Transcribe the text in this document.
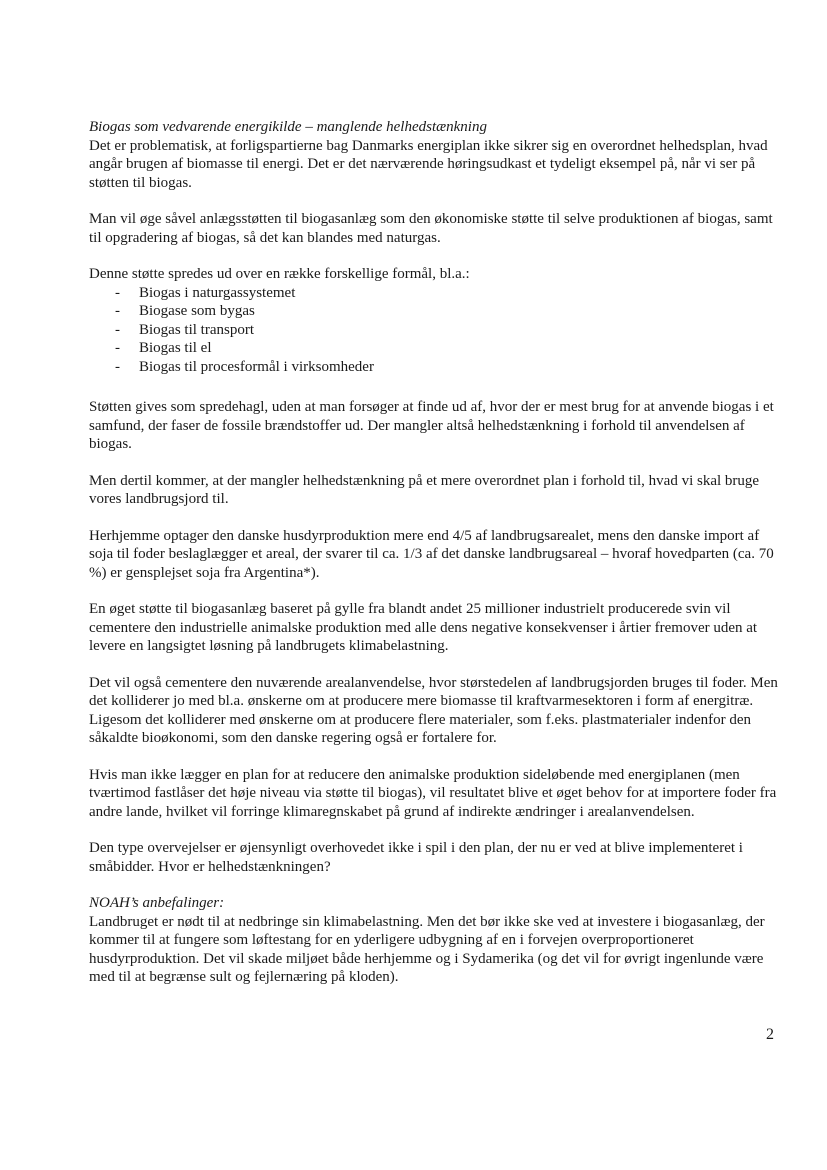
Biogas som vedvarende energikilde – manglende helhedstænkning

Det er problematisk, at forligspartierne bag Danmarks energiplan ikke sikrer sig en overordnet helhedsplan, hvad angår brugen af biomasse til energi. Det er det nærværende høringsudkast et tydeligt eksempel på, når vi ser på støtten til biogas.

Man vil øge såvel anlægsstøtten til biogasanlæg som den økonomiske støtte til selve produktionen af biogas, samt til opgradering af biogas, så det kan blandes med naturgas.

Denne støtte spredes ud over en række forskellige formål, bl.a.:

- Biogas i naturgassystemet
- Biogase som bygas
- Biogas til transport
- Biogas til el
- Biogas til procesformål i virksomheder

Støtten gives som spredehagl, uden at man forsøger at finde ud af, hvor der er mest brug for at anvende biogas i et samfund, der faser de fossile brændstoffer ud. Der mangler altså helhedstænkning i forhold til anvendelsen af biogas.

Men dertil kommer, at der mangler helhedstænkning på et mere overordnet plan i forhold til, hvad vi skal bruge vores landbrugsjord til.

Herhjemme optager den danske husdyrproduktion mere end 4/5 af landbrugsarealet, mens den danske import af soja til foder beslaglægger et areal, der svarer til ca. 1/3 af det danske landbrugsareal – hvoraf hovedparten (ca. 70 %) er gensplejset soja fra Argentina*).

En øget støtte til biogasanlæg baseret på gylle fra blandt andet 25 millioner industrielt producerede svin vil cementere den industrielle animalske produktion med alle dens negative konsekvenser i årtier fremover uden at levere en langsigtet løsning på landbrugets klimabelastning.

Det vil også cementere den nuværende arealanvendelse, hvor størstedelen af landbrugsjorden bruges til foder. Men det kolliderer jo med bl.a. ønskerne om at producere mere biomasse til kraftvarmesektoren i form af energitræ. Ligesom det kolliderer med ønskerne om at producere flere materialer, som f.eks. plastmaterialer indenfor den såkaldte bioøkonomi, som den danske regering også er fortalere for.

Hvis man ikke lægger en plan for at reducere den animalske produktion sideløbende med energiplanen (men tværtimod fastlåser det høje niveau via støtte til biogas), vil resultatet blive et øget behov for at importere foder fra andre lande, hvilket vil forringe klimaregnskabet på grund af indirekte ændringer i arealanvendelsen.

Den type overvejelser er øjensynligt overhovedet ikke i spil i den plan, der nu er ved at blive implementeret i småbidder. Hvor er helhedstænkningen?

NOAH’s anbefalinger:

Landbruget er nødt til at nedbringe sin klimabelastning. Men det bør ikke ske ved at investere i biogasanlæg, der kommer til at fungere som løftestang for en yderligere udbygning af en i forvejen overproportioneret husdyrproduktion. Det vil skade miljøet både herhjemme og i Sydamerika (og det vil for øvrigt ingenlunde være med til at begrænse sult og fejlernæring på kloden).

2
